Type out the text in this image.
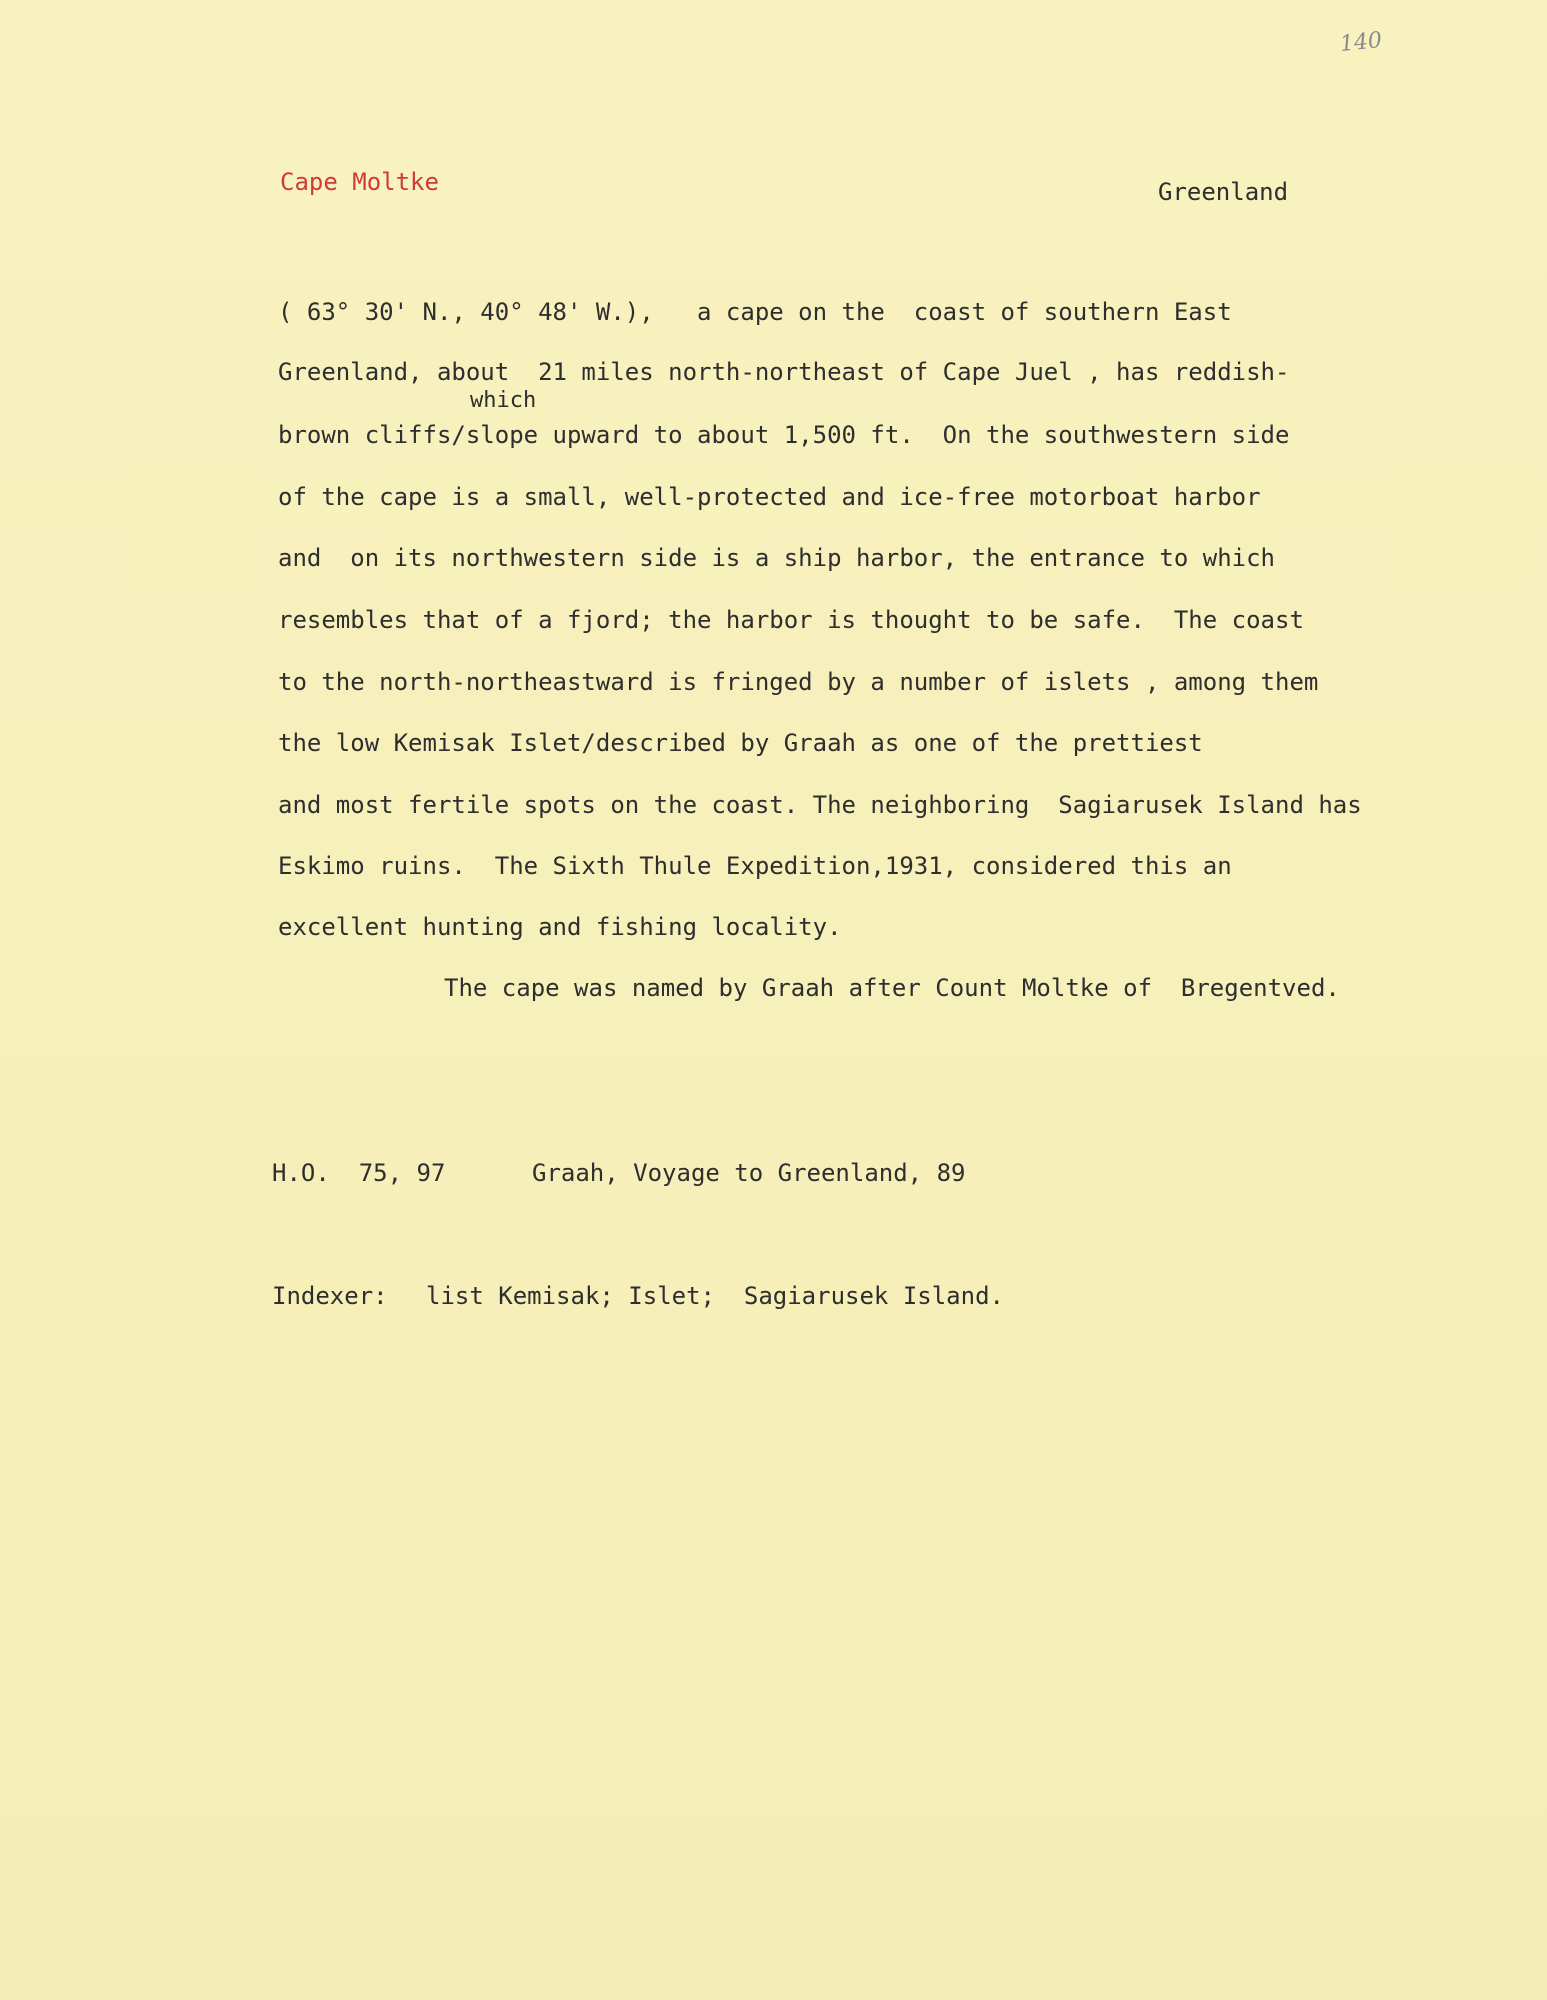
140
Cape Moltke	Greenland
( 63° 30' N., 40° 48' W.),   a cape on the  coast of southern East
Greenland, about  21 miles north-northeast of Cape Juel , has reddish-
which
brown cliffs/slope upward to about 1,500 ft.  On the southwestern side
of the cape is a small, well-protected and ice-free motorboat harbor
and  on its northwestern side is a ship harbor, the entrance to which
resembles that of a fjord; the harbor is thought to be safe.  The coast
to the north-northeastward is fringed by a number of islets , among them
the low Kemisak Islet/described by Graah as one of the prettiest
and most fertile spots on the coast. The neighboring  Sagiarusek Island has
Eskimo ruins.  The Sixth Thule Expedition,1931, considered this an
excellent hunting and fishing locality.
The cape was named by Graah after Count Moltke of  Bregentved.
H.O.  75, 97	Graah, Voyage to Greenland, 89
Indexer: list Kemisak; Islet;  Sagiarusek Island.
